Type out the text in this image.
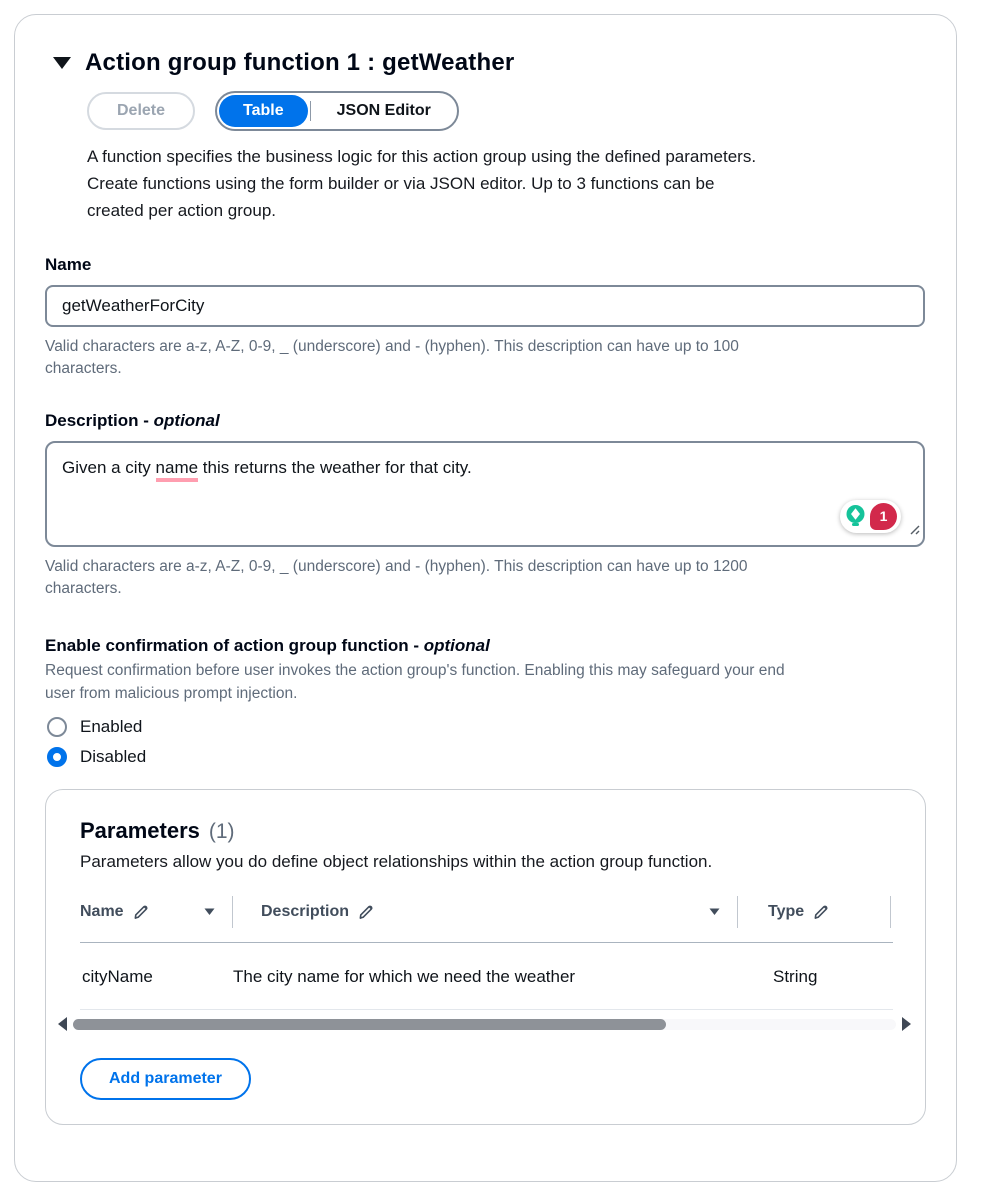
Action group function 1 : getWeather
Delete	Table	JSON Editor

A function specifies the business logic for this action group using the defined parameters. Create functions using the form builder or via JSON editor. Up to 3 functions can be created per action group.

Name
getWeatherForCity

Valid characters are a-z, A-Z, 0-9, _ (underscore) and - (hyphen). This description can have up to 100 characters.

Description - optional
Given a city name this returns the weather for that city.
1

Valid characters are a-z, A-Z, 0-9, _ (underscore) and - (hyphen). This description can have up to 1200 characters.

Enable confirmation of action group function - optional

Request confirmation before user invokes the action group's function. Enabling this may safeguard your end user from malicious prompt injection.

Enabled
Disabled
Parameters (1)

Parameters allow you do define object relationships within the action group function.

Name	Description	Type
cityName	The city name for which we need the weather	String
Add parameter
